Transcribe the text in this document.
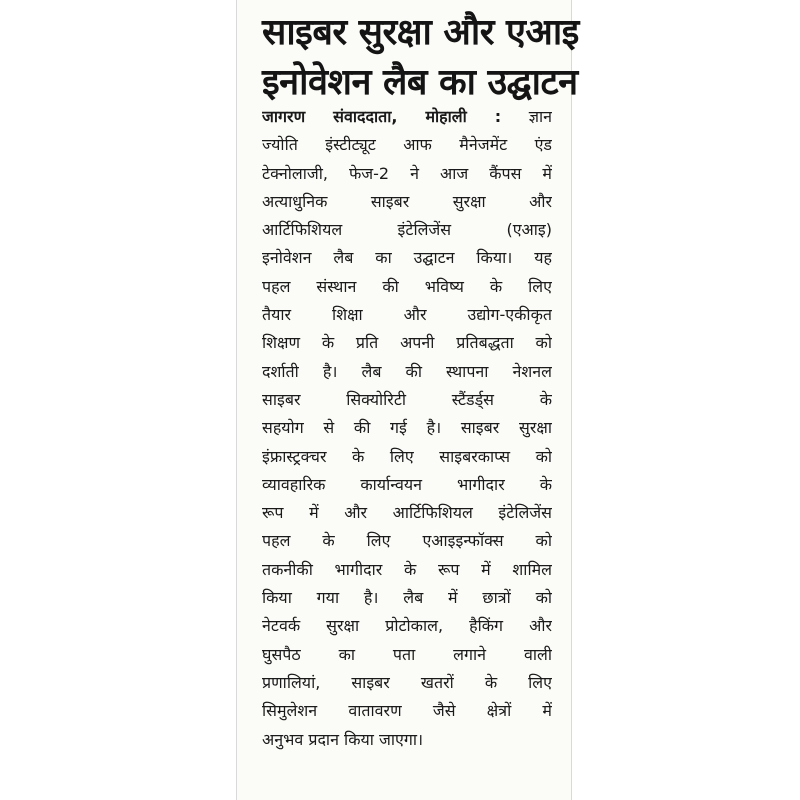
साइबर सुरक्षा और एआइ
इनोवेशन लैब का उद्घाटन
जागरण संवाददाता, मोहाली : ज्ञान
ज्योति इंस्टीट्यूट आफ मैनेजमेंट एंड
टेक्नोलाजी, फेज-2 ने आज कैंपस में
अत्याधुनिक साइबर सुरक्षा और
आर्टिफिशियल इंटेलिजेंस (एआइ)
इनोवेशन लैब का उद्घाटन किया। यह
पहल संस्थान की भविष्य के लिए
तैयार शिक्षा और उद्योग-एकीकृत
शिक्षण के प्रति अपनी प्रतिबद्धता को
दर्शाती है। लैब की स्थापना नेशनल
साइबर सिक्योरिटी स्टैंडर्ड्स के
सहयोग से की गई है। साइबर सुरक्षा
इंफ्रास्ट्रक्चर के लिए साइबरकाप्स को
व्यावहारिक कार्यान्वयन भागीदार के
रूप में और आर्टिफिशियल इंटेलिजेंस
पहल के लिए एआइइन्फॉक्स को
तकनीकी भागीदार के रूप में शामिल
किया गया है। लैब में छात्रों को
नेटवर्क सुरक्षा प्रोटोकाल, हैकिंग और
घुसपैठ का पता लगाने वाली
प्रणालियां, साइबर खतरों के लिए
सिमुलेशन वातावरण जैसे क्षेत्रों में
अनुभव प्रदान किया जाएगा।
